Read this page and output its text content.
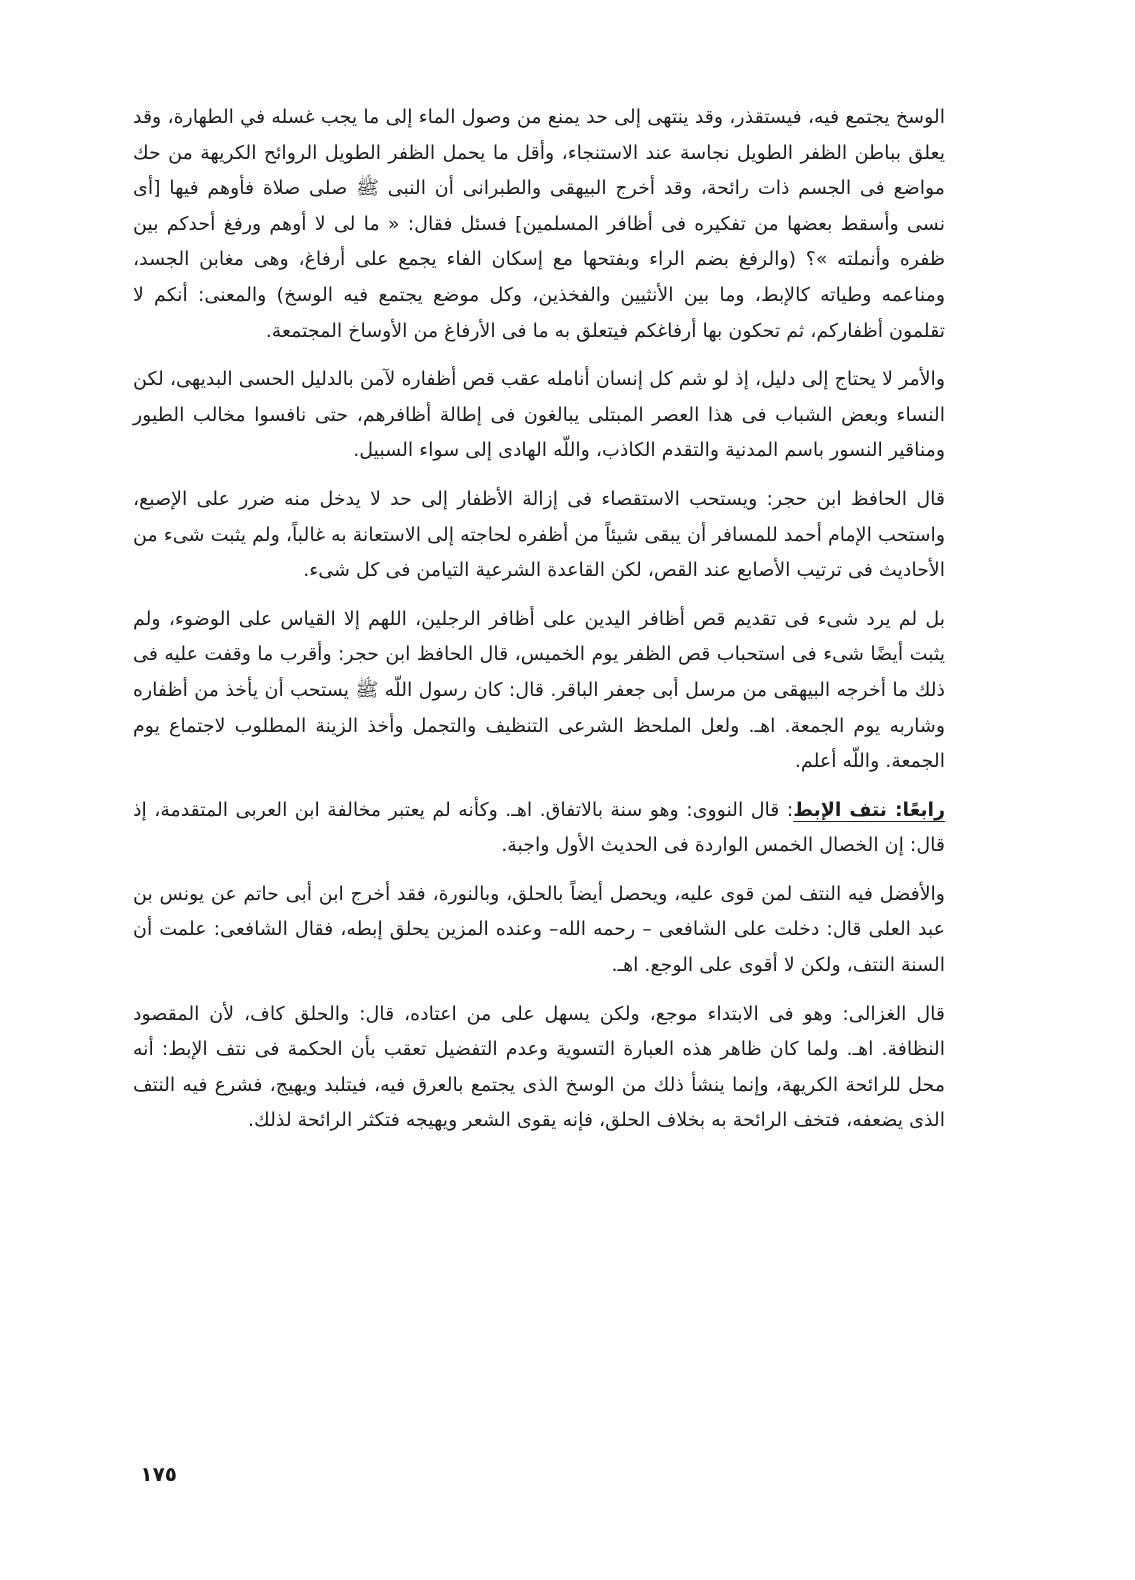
الوسخ يجتمع فيه، فيستقذر، وقد ينتهى إلى حد يمنع من وصول الماء إلى ما يجب غسله في الطهارة، وقد يعلق بباطن الظفر الطويل نجاسة عند الاستنجاء، وأقل ما يحمل الظفر الطويل الروائح الكريهة من حك مواضع فى الجسم ذات رائحة، وقد أخرج البيهقى والطبرانى أن النبى ﷺ صلى صلاة فأوهم فيها [أى نسى وأسقط بعضها من تفكيره فى أظافر المسلمين] فسئل فقال: « ما لى لا أوهم ورفغ أحدكم بين ظفره وأنملته »؟ (والرفغ بضم الراء وبفتحها مع إسكان الفاء يجمع على أرفاغ، وهى مغابن الجسد، ومناعمه وطياته كالإبط، وما بين الأنثيين والفخذين، وكل موضع يجتمع فيه الوسخ) والمعنى: أنكم لا تقلمون أظفاركم، ثم تحكون بها أرفاغكم فيتعلق به ما فى الأرفاغ من الأوساخ المجتمعة.

والأمر لا يحتاج إلى دليل، إذ لو شم كل إنسان أنامله عقب قص أظفاره لآمن بالدليل الحسى البديهى، لكن النساء وبعض الشباب فى هذا العصر المبتلى يبالغون فى إطالة أظافرهم، حتى نافسوا مخالب الطيور ومناقير النسور باسم المدنية والتقدم الكاذب، واللّه الهادى إلى سواء السبيل.

قال الحافظ ابن حجر: ويستحب الاستقصاء فى إزالة الأظفار إلى حد لا يدخل منه ضرر على الإصبع، واستحب الإمام أحمد للمسافر أن يبقى شيئاً من أظفره لحاجته إلى الاستعانة به غالباً، ولم يثبت شىء من الأحاديث فى ترتيب الأصابع عند القص، لكن القاعدة الشرعية التيامن فى كل شىء.

بل لم يرد شىء فى تقديم قص أظافر اليدين على أظافر الرجلين، اللهم إلا القياس على الوضوء، ولم يثبت أيضًا شىء فى استحباب قص الظفر يوم الخميس، قال الحافظ ابن حجر: وأقرب ما وقفت عليه فى ذلك ما أخرجه البيهقى من مرسل أبى جعفر الباقر. قال: كان رسول اللّه ﷺ يستحب أن يأخذ من أظفاره وشاربه يوم الجمعة. اهـ. ولعل الملحظ الشرعى التنظيف والتجمل وأخذ الزينة المطلوب لاجتماع يوم الجمعة. واللّه أعلم.

رابعًا: نتف الإبط: قال النووى: وهو سنة بالاتفاق. اهـ. وكأنه لم يعتبر مخالفة ابن العربى المتقدمة، إذ قال: إن الخصال الخمس الواردة فى الحديث الأول واجبة.

والأفضل فيه النتف لمن قوى عليه، ويحصل أيضاً بالحلق، وبالنورة، فقد أخرج ابن أبى حاتم عن يونس بن عبد العلى قال: دخلت على الشافعى – رحمه الله– وعنده المزين يحلق إبطه، فقال الشافعى: علمت أن السنة النتف، ولكن لا أقوى على الوجع. اهـ.

قال الغزالى: وهو فى الابتداء موجع، ولكن يسهل على من اعتاده، قال: والحلق كاف، لأن المقصود النظافة. اهـ. ولما كان ظاهر هذه العبارة التسوية وعدم التفضيل تعقب بأن الحكمة فى نتف الإبط: أنه محل للرائحة الكريهة، وإنما ينشأ ذلك من الوسخ الذى يجتمع بالعرق فيه، فيتلبد ويهيج، فشرع فيه النتف الذى يضعفه، فتخف الرائحة به بخلاف الحلق، فإنه يقوى الشعر ويهيجه فتكثر الرائحة لذلك.

١٧٥
